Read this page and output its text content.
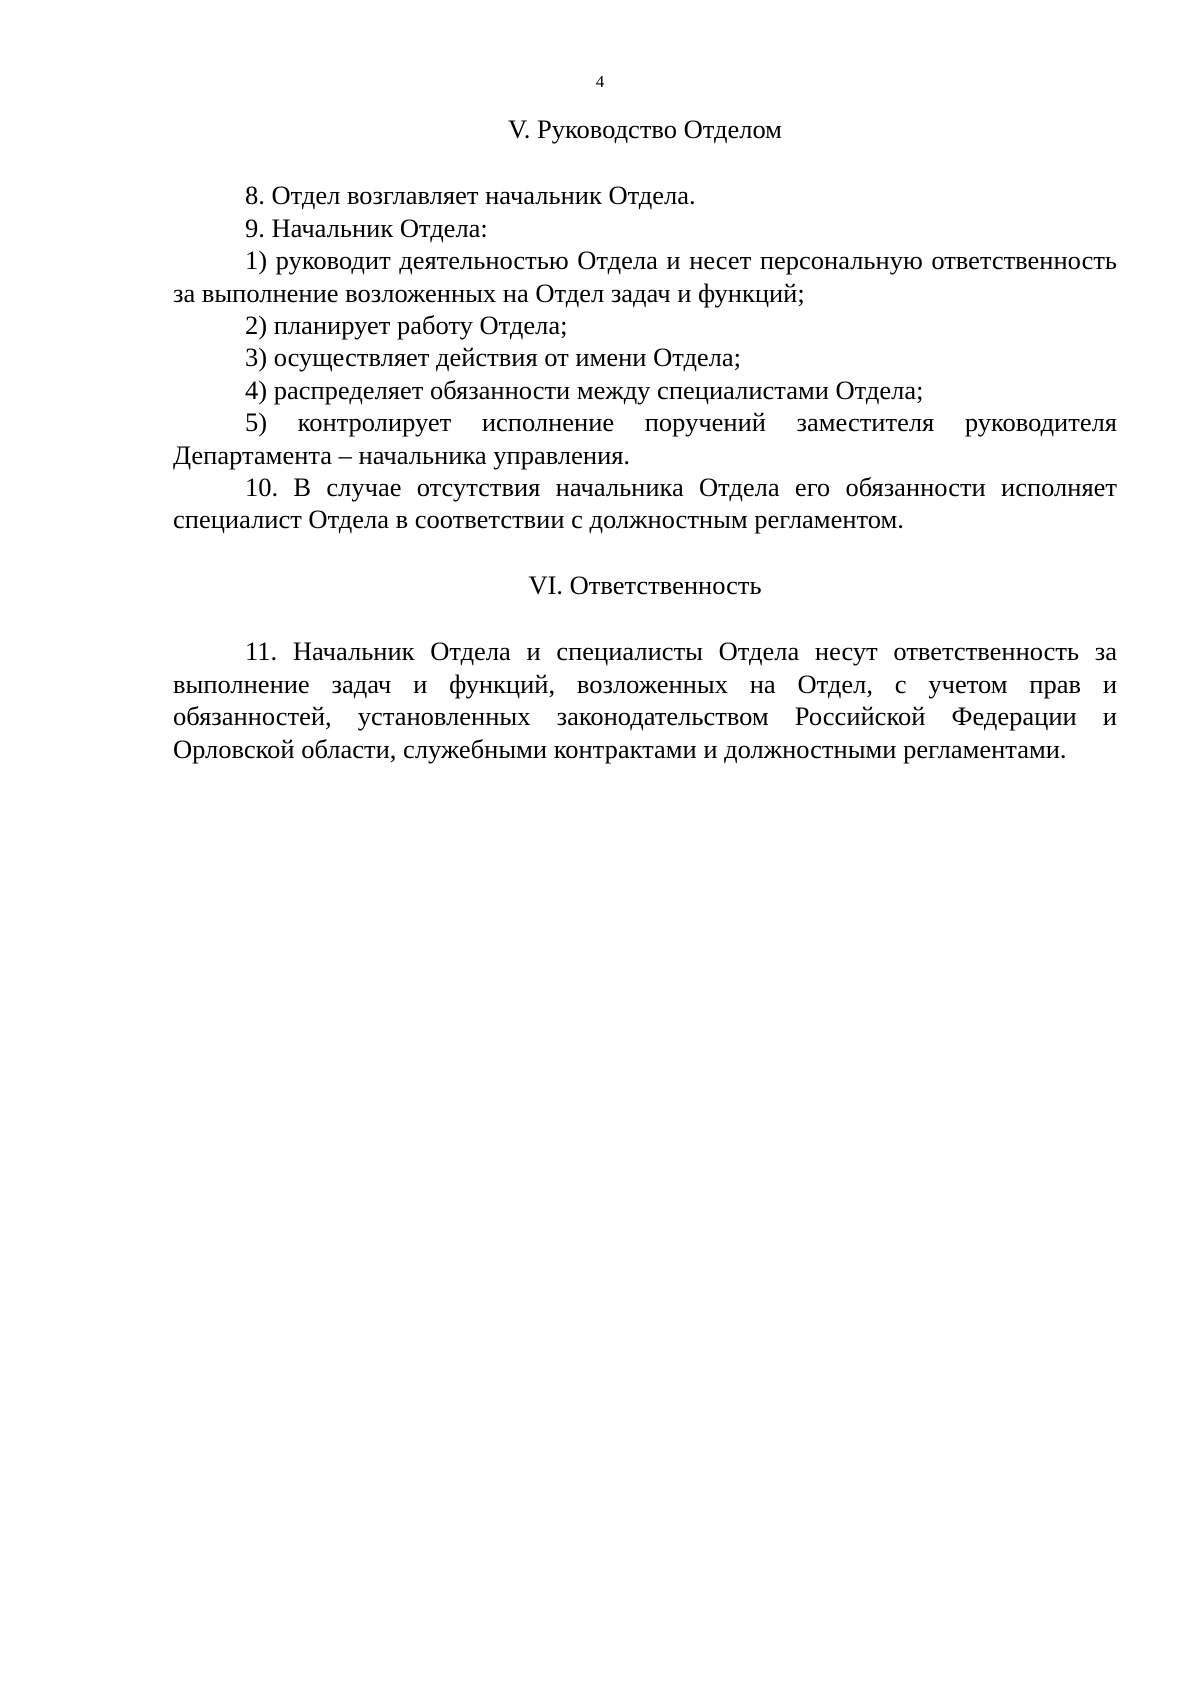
4
V. Руководство Отделом

8. Отдел возглавляет начальник Отдела.

9. Начальник Отдела:

1) руководит деятельностью Отдела и несет персональную ответственность за выполнение возложенных на Отдел задач и функций;

2) планирует работу Отдела;

3) осуществляет действия от имени Отдела;

4) распределяет обязанности между специалистами Отдела;

5) контролирует исполнение поручений заместителя руководителя Департамента – начальника управления.

10. В случае отсутствия начальника Отдела его обязанности исполняет специалист Отдела в соответствии с должностным регламентом.

VI. Ответственность

11. Начальник Отдела и специалисты Отдела несут ответственность за выполнение задач и функций, возложенных на Отдел, с учетом прав и обязанностей, установленных законодательством Российской Федерации и Орловской области, служебными контрактами и должностными регламентами.
